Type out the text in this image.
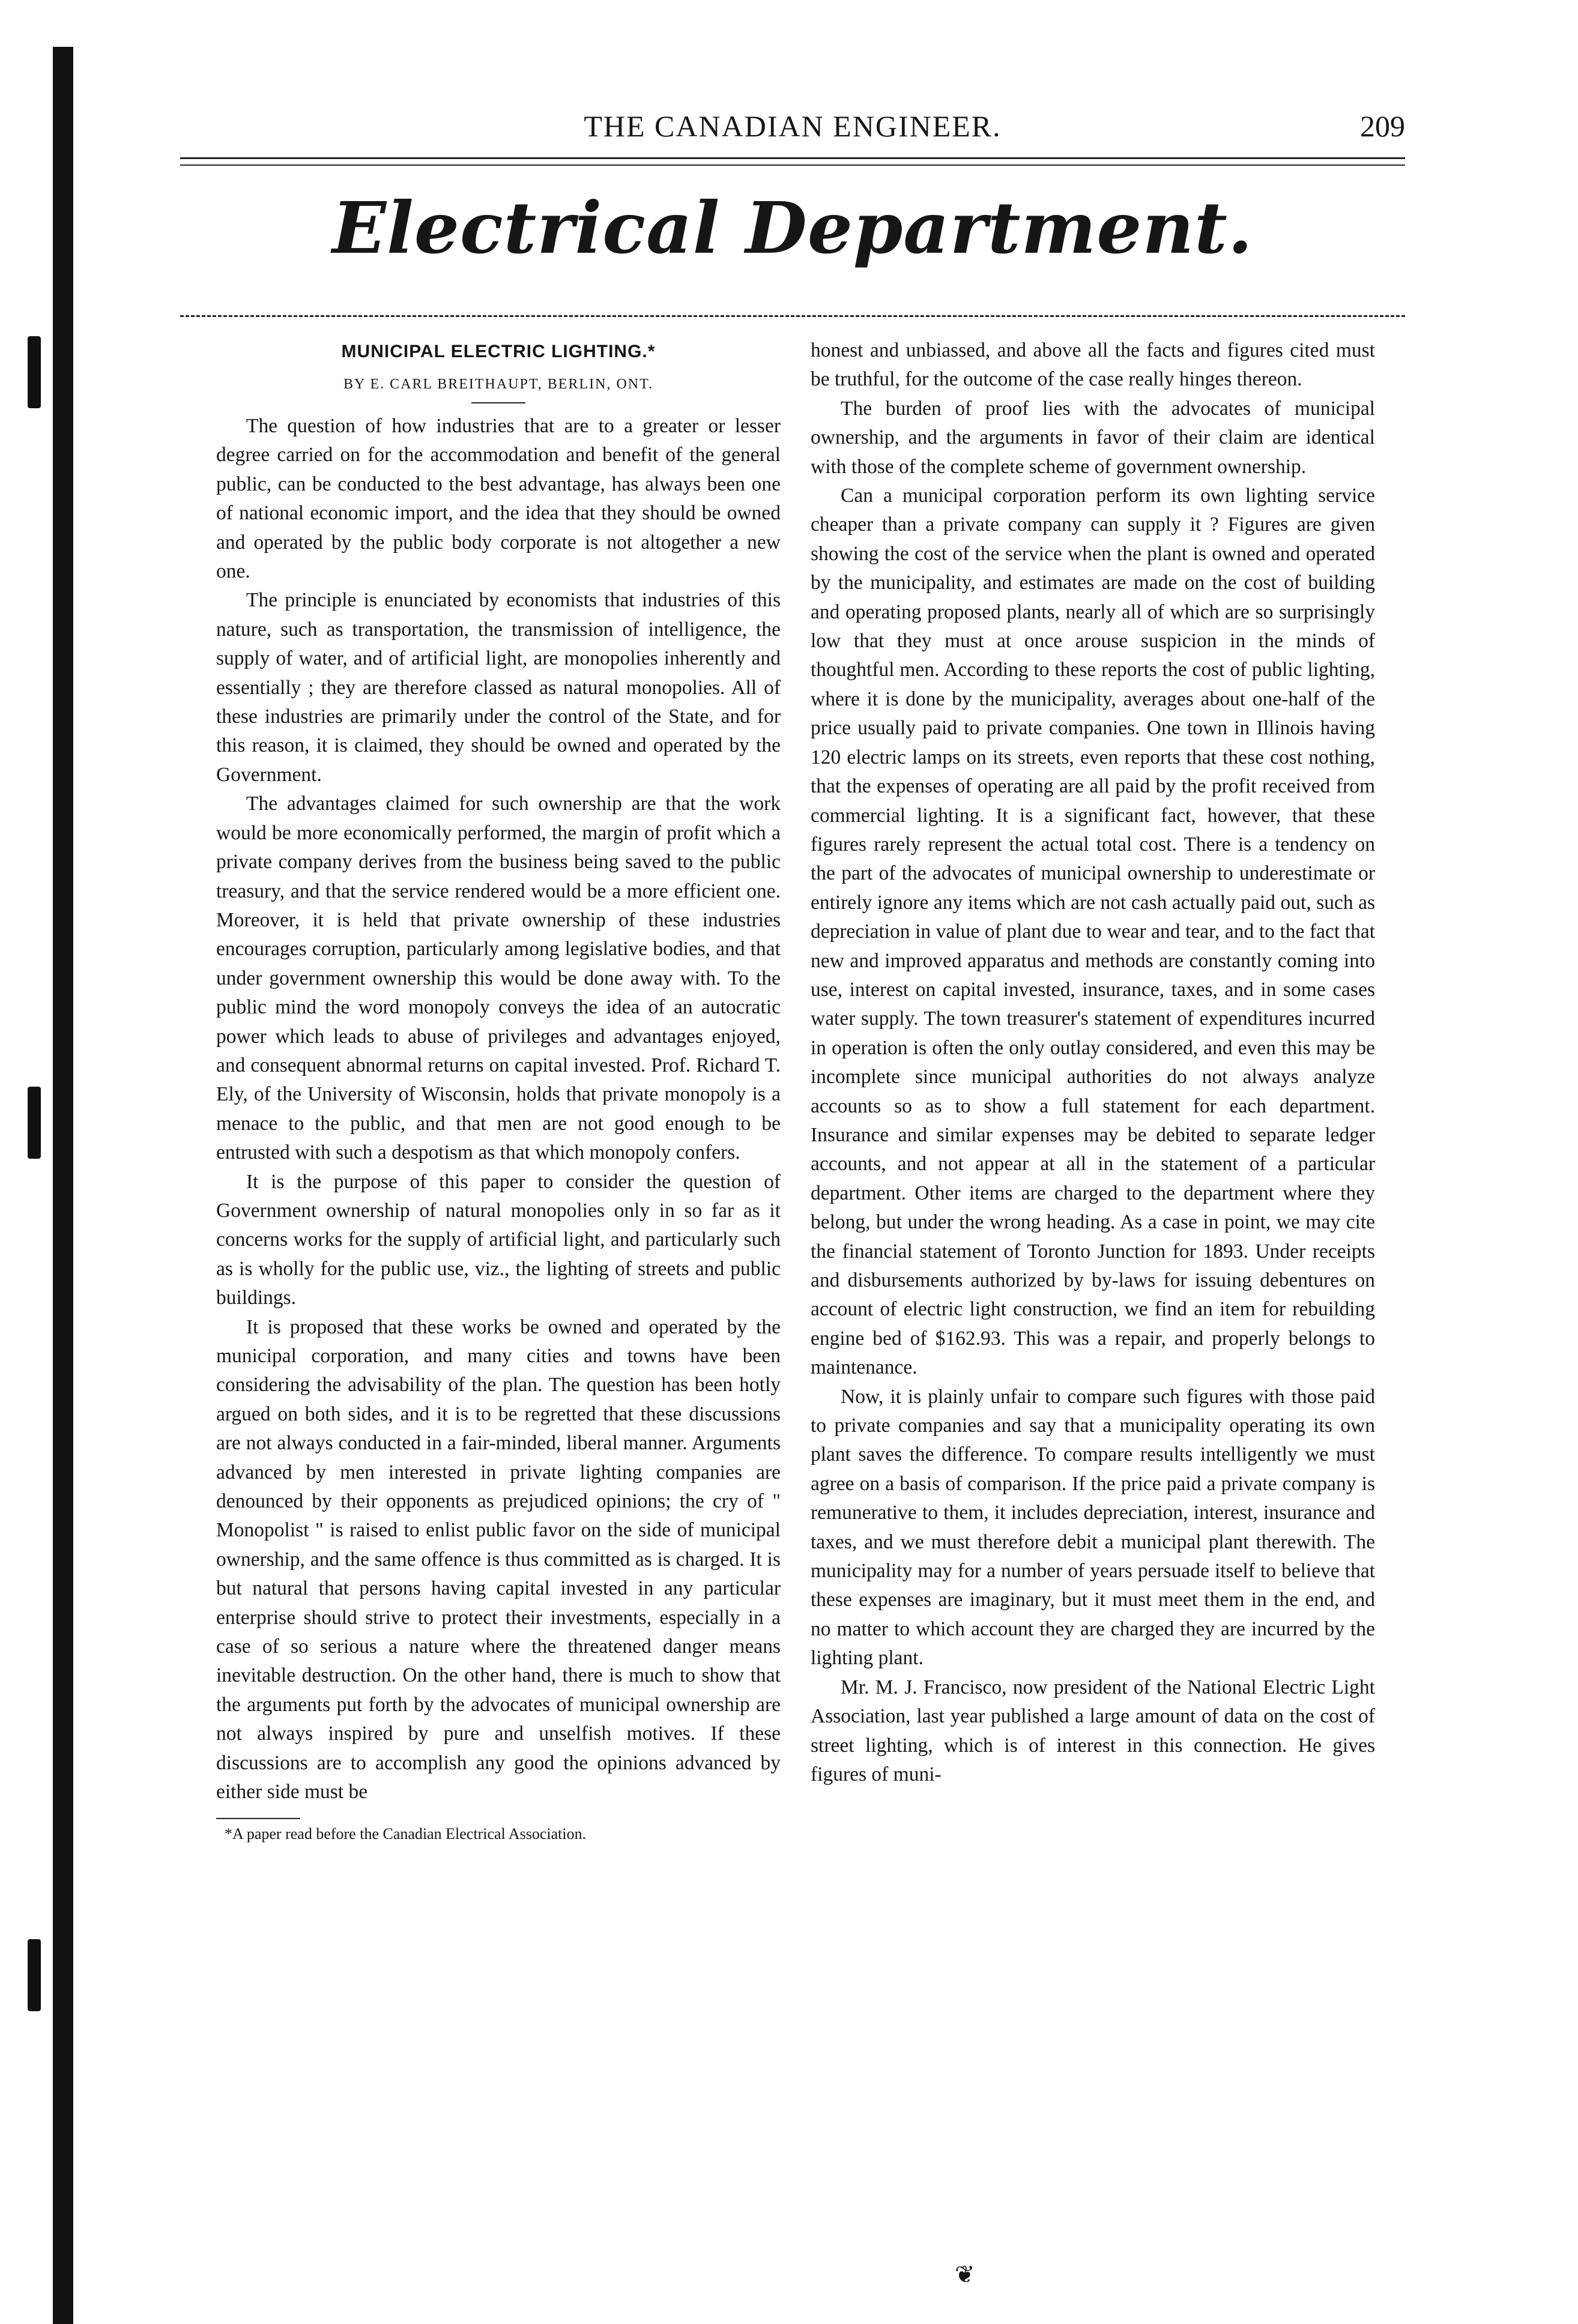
THE CANADIAN ENGINEER.	209
Electrical Department.
MUNICIPAL ELECTRIC LIGHTING.*
BY E. CARL BREITHAUPT, BERLIN, ONT.

The question of how industries that are to a greater or lesser degree carried on for the accommodation and benefit of the general public, can be conducted to the best advantage, has always been one of national economic import, and the idea that they should be owned and operated by the public body corporate is not altogether a new one.

The principle is enunciated by economists that industries of this nature, such as transportation, the transmission of intelligence, the supply of water, and of artificial light, are monopolies inherently and essentially ; they are therefore classed as natural monopolies. All of these industries are primarily under the control of the State, and for this reason, it is claimed, they should be owned and operated by the Government.

The advantages claimed for such ownership are that the work would be more economically performed, the margin of profit which a private company derives from the business being saved to the public treasury, and that the service rendered would be a more efficient one. Moreover, it is held that private ownership of these industries encourages corruption, particularly among legislative bodies, and that under government ownership this would be done away with. To the public mind the word monopoly conveys the idea of an autocratic power which leads to abuse of privileges and advantages enjoyed, and consequent abnormal returns on capital invested. Prof. Richard T. Ely, of the University of Wisconsin, holds that private monopoly is a menace to the public, and that men are not good enough to be entrusted with such a despotism as that which monopoly confers.

It is the purpose of this paper to consider the question of Government ownership of natural monopolies only in so far as it concerns works for the supply of artificial light, and particularly such as is wholly for the public use, viz., the lighting of streets and public buildings.

It is proposed that these works be owned and operated by the municipal corporation, and many cities and towns have been considering the advisability of the plan. The question has been hotly argued on both sides, and it is to be regretted that these discussions are not always conducted in a fair-minded, liberal manner. Arguments advanced by men interested in private lighting companies are denounced by their opponents as prejudiced opinions; the cry of " Monopolist " is raised to enlist public favor on the side of municipal ownership, and the same offence is thus committed as is charged. It is but natural that persons having capital invested in any particular enterprise should strive to protect their investments, especially in a case of so serious a nature where the threatened danger means inevitable destruction. On the other hand, there is much to show that the arguments put forth by the advocates of municipal ownership are not always inspired by pure and unselfish motives. If these discussions are to accomplish any good the opinions advanced by either side must be

*A paper read before the Canadian Electrical Association.

honest and unbiassed, and above all the facts and figures cited must be truthful, for the outcome of the case really hinges thereon.

The burden of proof lies with the advocates of municipal ownership, and the arguments in favor of their claim are identical with those of the complete scheme of government ownership.

Can a municipal corporation perform its own lighting service cheaper than a private company can supply it ? Figures are given showing the cost of the service when the plant is owned and operated by the municipality, and estimates are made on the cost of building and operating proposed plants, nearly all of which are so surprisingly low that they must at once arouse suspicion in the minds of thoughtful men. According to these reports the cost of public lighting, where it is done by the municipality, averages about one-half of the price usually paid to private companies. One town in Illinois having 120 electric lamps on its streets, even reports that these cost nothing, that the expenses of operating are all paid by the profit received from commercial lighting. It is a significant fact, however, that these figures rarely represent the actual total cost. There is a tendency on the part of the advocates of municipal ownership to underestimate or entirely ignore any items which are not cash actually paid out, such as depreciation in value of plant due to wear and tear, and to the fact that new and improved apparatus and methods are constantly coming into use, interest on capital invested, insurance, taxes, and in some cases water supply. The town treasurer's statement of expenditures incurred in operation is often the only outlay considered, and even this may be incomplete since municipal authorities do not always analyze accounts so as to show a full statement for each department. Insurance and similar expenses may be debited to separate ledger accounts, and not appear at all in the statement of a particular department. Other items are charged to the department where they belong, but under the wrong heading. As a case in point, we may cite the financial statement of Toronto Junction for 1893. Under receipts and disbursements authorized by by-laws for issuing debentures on account of electric light construction, we find an item for rebuilding engine bed of $162.93. This was a repair, and properly belongs to maintenance.

Now, it is plainly unfair to compare such figures with those paid to private companies and say that a municipality operating its own plant saves the difference. To compare results intelligently we must agree on a basis of comparison. If the price paid a private company is remunerative to them, it includes depreciation, interest, insurance and taxes, and we must therefore debit a municipal plant therewith. The municipality may for a number of years persuade itself to believe that these expenses are imaginary, but it must meet them in the end, and no matter to which account they are charged they are incurred by the lighting plant.

Mr. M. J. Francisco, now president of the National Electric Light Association, last year published a large amount of data on the cost of street lighting, which is of interest in this connection. He gives figures of muni-

❦
